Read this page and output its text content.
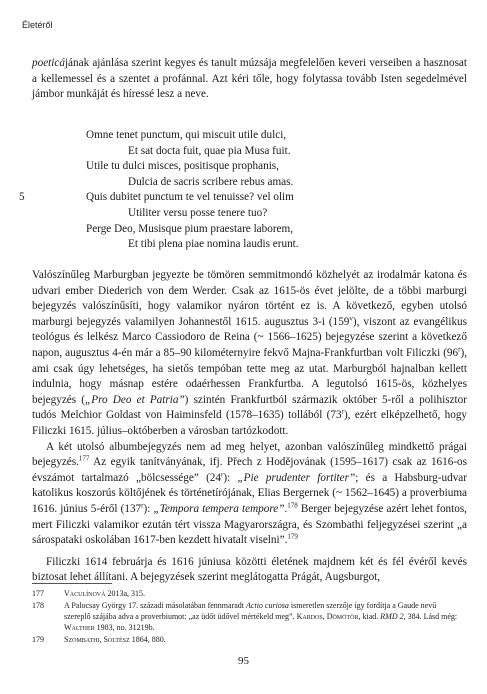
Életéről

poeticájának ajánlása szerint kegyes és tanult múzsája megfelelően keveri verseiben a hasznosat a kellemessel és a szentet a profánnal. Azt kéri tőle, hogy folytassa tovább Isten segedelmével jámbor munkáját és híressé lesz a neve.

Omne tenet punctum, qui miscuit utile dulci,
Et sat docta fuit, quae pia Musa fuit.
Utile tu dulci misces, positisque prophanis,
Dulcia de sacris scribere rebus amas.
5	Quis dubitet punctum te vel tenuisse? vel olim
Utiliter versu posse tenere tuo?
Perge Deo, Musisque pium praestare laborem,
Et tibi plena piae nomina laudis erunt.

Valószínűleg Marburgban jegyezte be tömören semmitmondó közhelyét az irodalmár katona és udvari ember Diederich von dem Werder. Csak az 1615-ös évet jelölte, de a többi marburgi bejegyzés valószínűsíti, hogy valamikor nyáron történt ez is. A következő, egyben utolsó marburgi bejegyzés valamilyen Johannestől 1615. augusztus 3-i (159$^v$), viszont az evangélikus teológus és lelkész Marco Cassiodoro de Reina (~ 1566–1625) bejegyzése szerint a következő napon, augusztus 4-én már a 85–90 kilométernyire fekvő Majna-Frankfurtban volt Filiczki (96$^r$), ami csak úgy lehetséges, ha sietős tempóban tette meg az utat. Marburgból hajnalban kellett indulnia, hogy másnap estére odaérhessen Frankfurtba. A legutolsó 1615-ös, közhelyes bejegyzés („Pro Deo et Patria”) szintén Frankfurtból származik október 5-ről a polihisztor tudós Melchior Goldast von Haiminsfeld (1578–1635) tollából (73$^r$), ezért elképzelhető, hogy Filiczki 1615. július–októberben a városban tartózkodott.

A két utolsó albumbejegyzés nem ad meg helyet, azonban valószínűleg mindkettő prágai bejegyzés.$^{177}$ Az egyik tanítványának, ifj. Přech z Hodějovának (1595–1617) csak az 1616-os évszámot tartalmazó „bölcsessége” (24$^r$): „Pie prudenter fortiter”; és a Habsburg-udvar katolikus koszorús költőjének és történetírójának, Elias Bergernek (~ 1562–1645) a proverbiuma 1616. június 5-éről (137$^r$): „Tempora tempera tempore”.$^{178}$ Berger bejegyzése azért lehet fontos, mert Filiczki valamikor ezután tért vissza Magyarországra, és Szombathi feljegyzései szerint „a sárospataki oskolában 1617-ben kezdett hivatalt viselni”.$^{179}$

Filiczki 1614 februárja és 1616 júniusa közötti életének majdnem két és fél évéről kevés biztosat lehet állítani. A bejegyzések szerint meglátogatta Prágát, Augsburgot,

177	Vaculínová 2013a, 315.
178	A Palocsay György 17. századi másolatában fennmaradt Actio curiosa ismeretlen szerzője így fordítja a Gaude nevű szereplő szájába adva a proverbiumot: „az üdőt üdővel mértékeld meg”. Kardos, Dömötör, kiad. RMD 2, 384. Lásd még: Walther 1983, no. 31219b.
179	Szombathi, Soltész 1864, 880.
95
